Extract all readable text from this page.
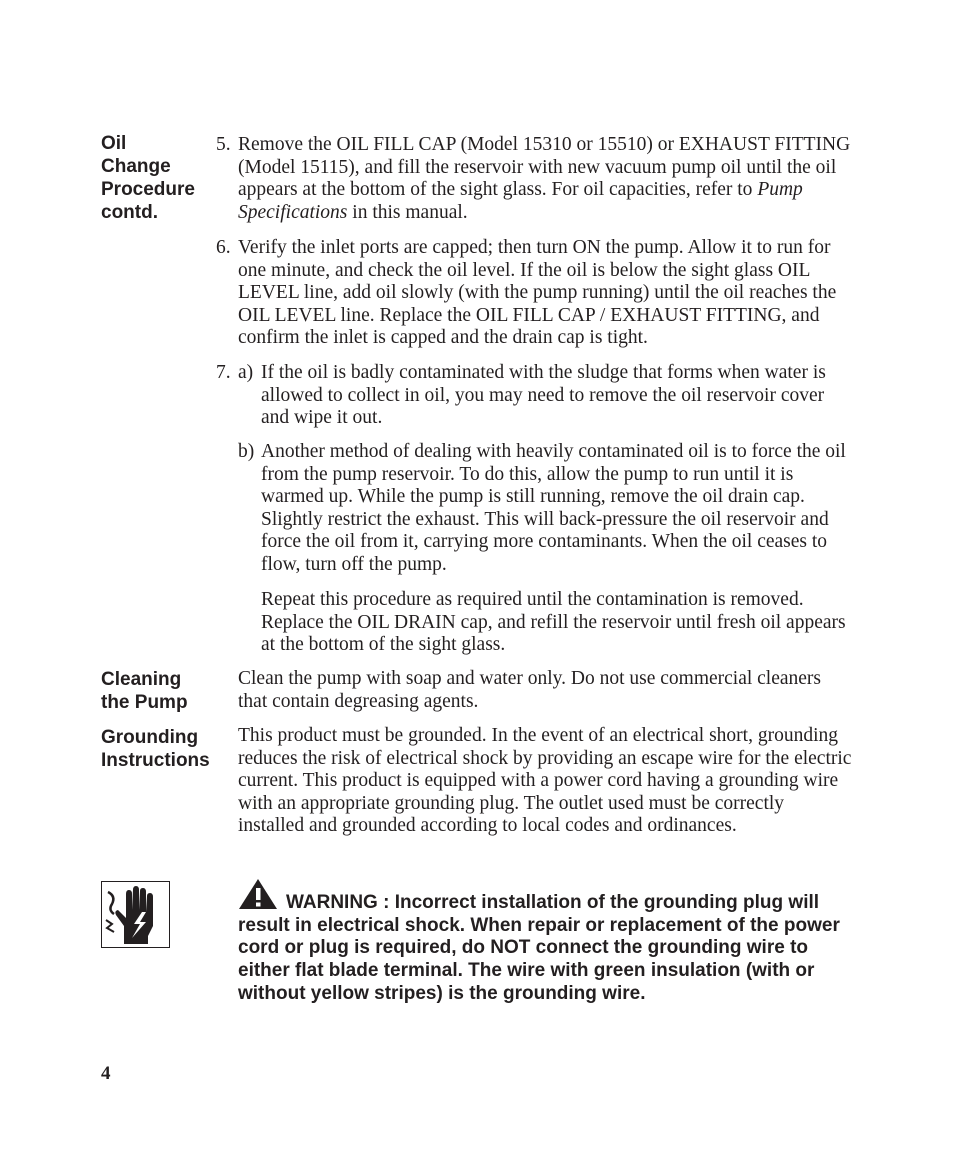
Oil
Change
Procedure
contd.
5. Remove the OIL FILL CAP (Model 15310 or 15510) or EXHAUST FITTING (Model 15115), and fill the reservoir with new vacuum pump oil until the oil appears at the bottom of the sight glass. For oil capacities, refer to Pump Specifications in this manual.
6. Verify the inlet ports are capped; then turn ON the pump. Allow it to run for one minute, and check the oil level. If the oil is below the sight glass OIL LEVEL line, add oil slowly (with the pump running) until the oil reaches the OIL LEVEL line. Replace the OIL FILL CAP / EXHAUST FITTING, and confirm the inlet is capped and the drain cap is tight.
7. a) If the oil is badly contaminated with the sludge that forms when water is allowed to collect in oil, you may need to remove the oil reservoir cover and wipe it out.
b) Another method of dealing with heavily contaminated oil is to force the oil from the pump reservoir. To do this, allow the pump to run until it is warmed up. While the pump is still running, remove the oil drain cap. Slightly restrict the exhaust. This will back-pressure the oil reservoir and force the oil from it, carrying more contaminants. When the oil ceases to flow, turn off the pump.
Repeat this procedure as required until the contamination is removed. Replace the OIL DRAIN cap, and refill the reservoir until fresh oil appears at the bottom of the sight glass.
Cleaning
the Pump
Clean the pump with soap and water only. Do not use commercial cleaners that contain degreasing agents.
Grounding
Instructions
This product must be grounded. In the event of an electrical short, grounding reduces the risk of electrical shock by providing an escape wire for the electric current. This product is equipped with a power cord having a grounding wire with an appropriate grounding plug. The outlet used must be correctly installed and grounded according to local codes and ordinances.
WARNING : Incorrect installation of the grounding plug will result in electrical shock. When repair or replacement of the power cord or plug is required, do NOT connect the grounding wire to either flat blade terminal. The wire with green insulation (with or without yellow stripes) is the grounding wire.
4
